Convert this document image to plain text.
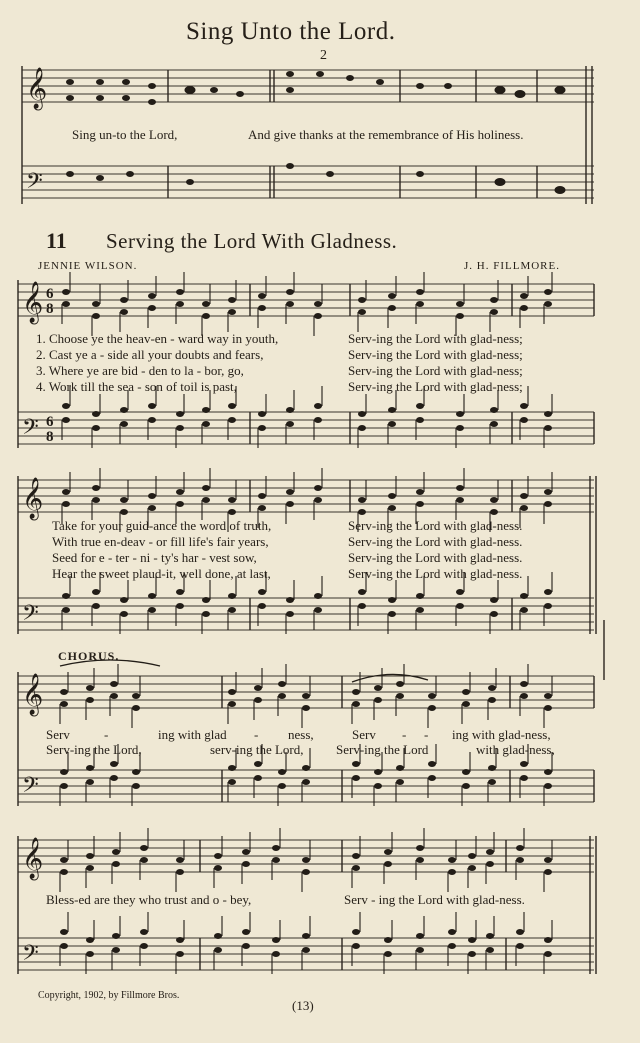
Sing Unto the Lord.
2
𝄞
𝄢
𝄞
𝄢
6
8
6
8
𝄞
𝄢
𝄞
𝄢
𝄞
𝄢
Sing un-to the Lord,	And give thanks at the remembrance of His holiness.
11 Serving the Lord With Gladness.
JENNIE WILSON.	J. H. FILLMORE.
1. Choose ye the heav-en - ward way in youth,
2. Cast ye a - side all your doubts and fears,
3. Where ye are bid - den to la - bor, go,
4. Work till the sea - son of toil is past,
Serv-ing the Lord with glad-ness;
Serv-ing the Lord with glad-ness;
Serv-ing the Lord with glad-ness;
Serv-ing the Lord with glad-ness;
Take for your guid-ance the word of truth,
With true en-deav - or fill life's fair years,
Seed for e - ter - ni - ty's har - vest sow,
Hear the sweet plaud-it, well done, at last,
Serv-ing the Lord with glad-ness.
Serv-ing the Lord with glad-ness.
Serv-ing the Lord with glad-ness.
Serv-ing the Lord with glad-ness.
CHORUS.
Serv	-	ing with glad - ness,	Serv - - ing with glad-ness,
Serv-ing the Lord,	serv-ing the Lord, Serv-ing the Lord	with glad-ness,
Bless-ed are they who trust and o - bey,	Serv - ing the Lord with glad-ness.
Copyright, 1902, by Fillmore Bros.
(13)
